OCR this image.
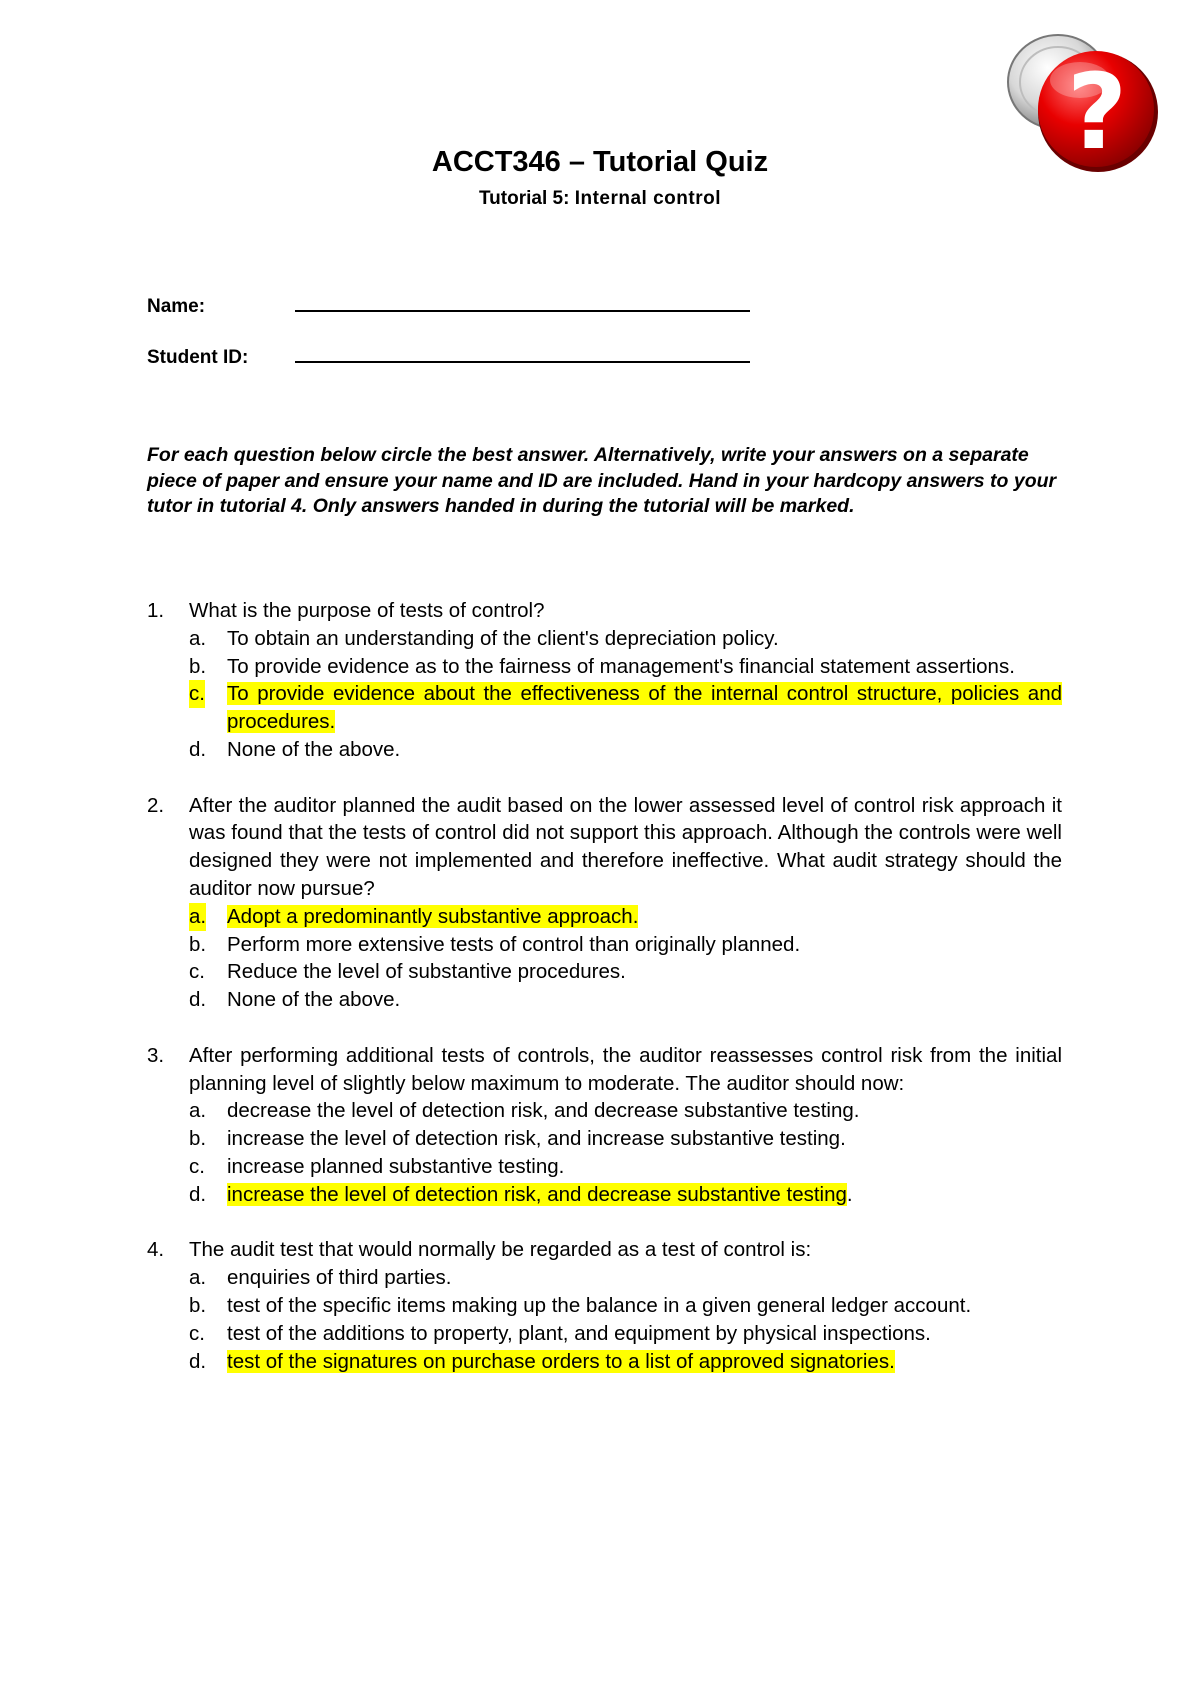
?
ACCT346 – Tutorial Quiz
Tutorial 5: Internal control
Name:
Student ID:
For each question below circle the best answer. Alternatively, write your answers on a separate piece of paper and ensure your name and ID are included. Hand in your hardcopy answers to your tutor in tutorial 4. Only answers handed in during the tutorial will be marked.
1. What is the purpose of tests of control?
a. To obtain an understanding of the client's depreciation policy.
b. To provide evidence as to the fairness of management's financial statement assertions.
c. To provide evidence about the effectiveness of the internal control structure, policies and procedures.
d. None of the above.
2. After the auditor planned the audit based on the lower assessed level of control risk approach it was found that the tests of control did not support this approach. Although the controls were well designed they were not implemented and therefore ineffective. What audit strategy should the auditor now pursue?
a. Adopt a predominantly substantive approach.
b. Perform more extensive tests of control than originally planned.
c. Reduce the level of substantive procedures.
d. None of the above.
3. After performing additional tests of controls, the auditor reassesses control risk from the initial planning level of slightly below maximum to moderate. The auditor should now:
a. decrease the level of detection risk, and decrease substantive testing.
b. increase the level of detection risk, and increase substantive testing.
c. increase planned substantive testing.
d. increase the level of detection risk, and decrease substantive testing.
4. The audit test that would normally be regarded as a test of control is:
a. enquiries of third parties.
b. test of the specific items making up the balance in a given general ledger account.
c. test of the additions to property, plant, and equipment by physical inspections.
d. test of the signatures on purchase orders to a list of approved signatories.
